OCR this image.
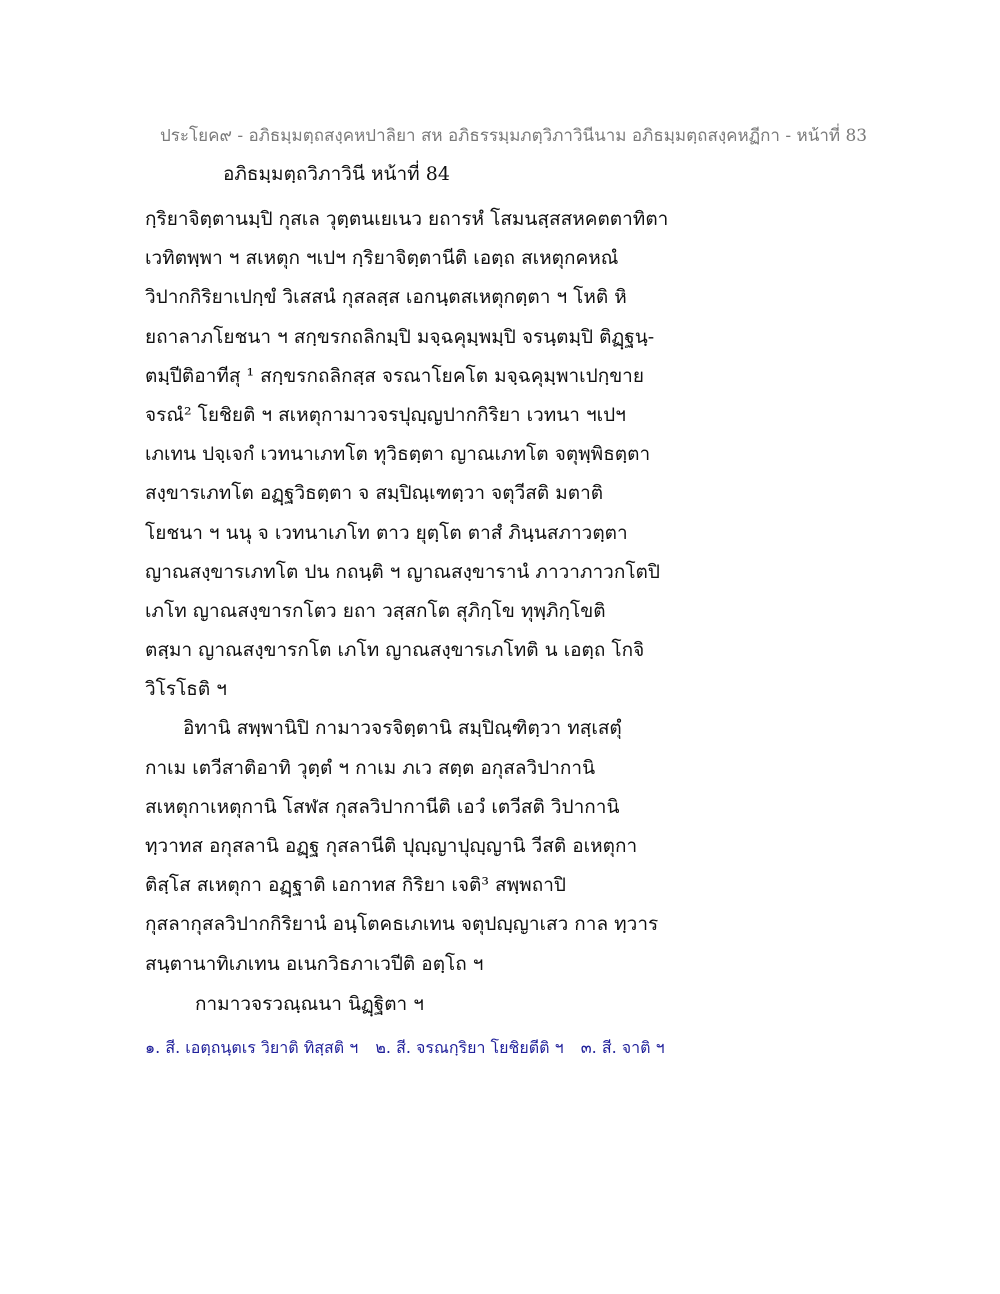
ประโยค๙ - อภิธมฺมตฺถสงฺคหปาลิยา สห อภิธรรมฺมภตฺวิภาวินีนาม อภิธมฺมตฺถสงฺคหฏีกา - หน้าที่ 83
อภิธมฺมตฺถวิภาวินี หน้าที่ 84
กฺริยาจิตฺตานมฺปิ กุสเล วุตฺตนเยเนว ยถารหํ โสมนสฺสสหคตตาทิตา
เวทิตพฺพา ฯ สเหตุก ฯเปฯ กฺริยาจิตฺตานีติ เอตฺถ สเหตุกคหณํ
วิปากกิริยาเปกฺขํ วิเสสนํ กุสลสฺส เอกนฺตสเหตุกตฺตา ฯ โหติ หิ
ยถาลาภโยชนา ฯ สกฺขรกถลิกมฺปิ มจฺฉคุมฺพมฺปิ จรนฺตมฺปิ ติฏฺฐนฺ-
ตมฺปีติอาทีสุ ¹ สกฺขรกถลิกสฺส จรณาโยคโต มจฺฉคุมฺพาเปกฺขาย
จรณํ² โยชิยติ ฯ สเหตุกามาวจรปุญฺญปากกิริยา เวทนา ฯเปฯ
เภเทน ปจฺเจกํ เวทนาเภทโต ทุวิธตฺตา ญาณเภทโต จตุพฺพิธตฺตา
สงฺขารเภทโต อฏฺฐวิธตฺตา จ สมฺปิณฺเฑตฺวา จตุวีสติ มตาติ
โยชนา ฯ นนุ จ เวทนาเภโท ตาว ยุตฺโต ตาสํ ภินฺนสภาวตฺตา
ญาณสงฺขารเภทโต ปน กถนฺติ ฯ ญาณสงฺขารานํ ภาวาภาวกโตปิ
เภโท ญาณสงฺขารกโตว ยถา วสฺสกโต สุภิกฺโข ทุพฺภิกฺโขติ
ตสฺมา ญาณสงฺขารกโต เภโท ญาณสงฺขารเภโทติ น เอตฺถ โกจิ
วิโรโธติ ฯ
อิทานิ สพฺพานิปิ กามาวจรจิตฺตานิ สมฺปิณฺฑิตฺวา ทสฺเสตุํ
กาเม เตวีสาติอาทิ วุตฺตํ ฯ กาเม ภเว สตฺต อกุสลวิปากานิ
สเหตุกาเหตุกานิ โสฬส กุสลวิปากานีติ เอวํ เตวีสติ วิปากานิ
ทฺวาทส อกุสลานิ อฏฺฐ กุสลานีติ ปุญฺญาปุญฺญานิ วีสติ อเหตุกา
ติสฺโส สเหตุกา อฏฺฐาติ เอกาทส กิริยา เจติ³ สพฺพถาปิ
กุสลากุสลวิปากกิริยานํ อนฺโตคธเภเทน จตุปญฺญาเสว กาล ทฺวาร
สนฺตานาทิเภเทน อเนกวิธภาเวปีติ อตฺโถ ฯ
กามาวจรวณฺณนา นิฏฺฐิตา ฯ
๑. สี. เอตฺถนฺตเร วิยาติ ทิสฺสติ ฯ ๒. สี. จรณกฺริยา โยชิยตีติ ฯ ๓. สี. จาติ ฯ
